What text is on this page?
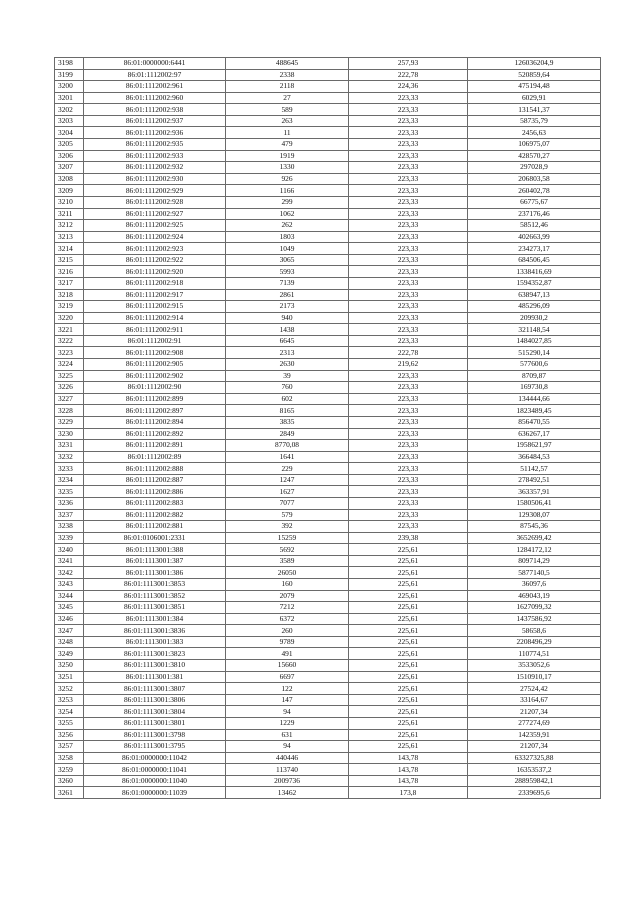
3198	86:01:0000000:6441	488645	257,93	126036204,9
3199	86:01:1112002:97	2338	222,78	520859,64
3200	86:01:1112002:961	2118	224,36	475194,48
3201	86:01:1112002:960	27	223,33	6029,91
3202	86:01:1112002:938	589	223,33	131541,37
3203	86:01:1112002:937	263	223,33	58735,79
3204	86:01:1112002:936	11	223,33	2456,63
3205	86:01:1112002:935	479	223,33	106975,07
3206	86:01:1112002:933	1919	223,33	428570,27
3207	86:01:1112002:932	1330	223,33	297028,9
3208	86:01:1112002:930	926	223,33	206803,58
3209	86:01:1112002:929	1166	223,33	260402,78
3210	86:01:1112002:928	299	223,33	66775,67
3211	86:01:1112002:927	1062	223,33	237176,46
3212	86:01:1112002:925	262	223,33	58512,46
3213	86:01:1112002:924	1803	223,33	402663,99
3214	86:01:1112002:923	1049	223,33	234273,17
3215	86:01:1112002:922	3065	223,33	684506,45
3216	86:01:1112002:920	5993	223,33	1338416,69
3217	86:01:1112002:918	7139	223,33	1594352,87
3218	86:01:1112002:917	2861	223,33	638947,13
3219	86:01:1112002:915	2173	223,33	485296,09
3220	86:01:1112002:914	940	223,33	209930,2
3221	86:01:1112002:911	1438	223,33	321148,54
3222	86:01:1112002:91	6645	223,33	1484027,85
3223	86:01:1112002:908	2313	222,78	515290,14
3224	86:01:1112002:905	2630	219,62	577600,6
3225	86:01:1112002:902	39	223,33	8709,87
3226	86:01:1112002:90	760	223,33	169730,8
3227	86:01:1112002:899	602	223,33	134444,66
3228	86:01:1112002:897	8165	223,33	1823489,45
3229	86:01:1112002:894	3835	223,33	856470,55
3230	86:01:1112002:892	2849	223,33	636267,17
3231	86:01:1112002:891	8770,08	223,33	1958621,97
3232	86:01:1112002:89	1641	223,33	366484,53
3233	86:01:1112002:888	229	223,33	51142,57
3234	86:01:1112002:887	1247	223,33	278492,51
3235	86:01:1112002:886	1627	223,33	363357,91
3236	86:01:1112002:883	7077	223,33	1580506,41
3237	86:01:1112002:882	579	223,33	129308,07
3238	86:01:1112002:881	392	223,33	87545,36
3239	86:01:0106001:2331	15259	239,38	3652699,42
3240	86:01:1113001:388	5692	225,61	1284172,12
3241	86:01:1113001:387	3589	225,61	809714,29
3242	86:01:1113001:386	26050	225,61	5877140,5
3243	86:01:1113001:3853	160	225,61	36097,6
3244	86:01:1113001:3852	2079	225,61	469043,19
3245	86:01:1113001:3851	7212	225,61	1627099,32
3246	86:01:1113001:384	6372	225,61	1437586,92
3247	86:01:1113001:3836	260	225,61	58658,6
3248	86:01:1113001:383	9789	225,61	2208496,29
3249	86:01:1113001:3823	491	225,61	110774,51
3250	86:01:1113001:3810	15660	225,61	3533052,6
3251	86:01:1113001:381	6697	225,61	1510910,17
3252	86:01:1113001:3807	122	225,61	27524,42
3253	86:01:1113001:3806	147	225,61	33164,67
3254	86:01:1113001:3804	94	225,61	21207,34
3255	86:01:1113001:3801	1229	225,61	277274,69
3256	86:01:1113001:3798	631	225,61	142359,91
3257	86:01:1113001:3795	94	225,61	21207,34
3258	86:01:0000000:11042	440446	143,78	63327325,88
3259	86:01:0000000:11041	113740	143,78	16353537,2
3260	86:01:0000000:11040	2009736	143,78	288959842,1
3261	86:01:0000000:11039	13462	173,8	2339695,6
